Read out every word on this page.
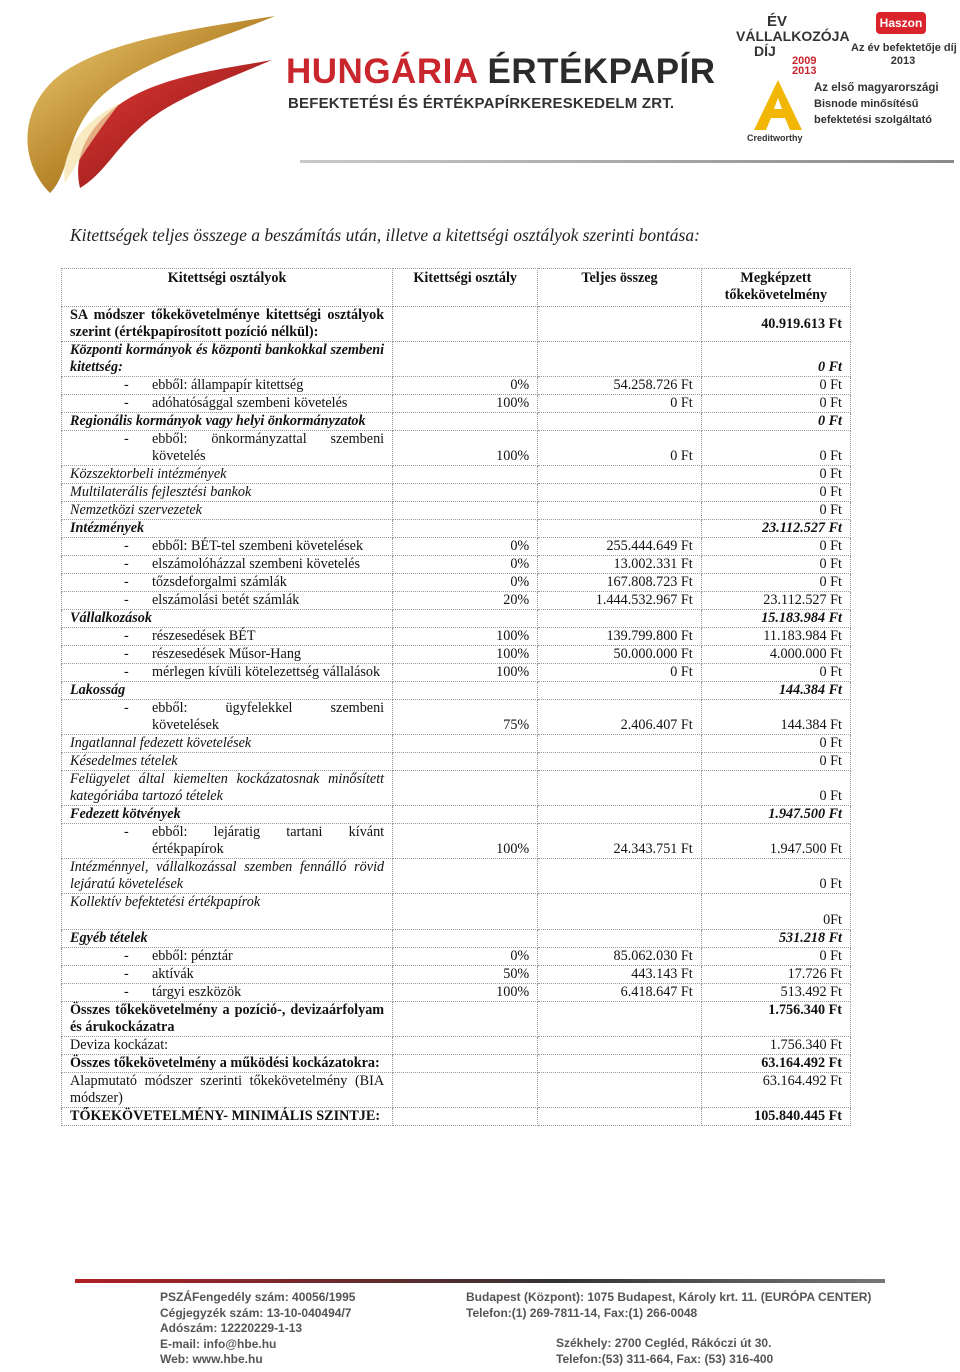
HUNGÁRIA ÉRTÉKPAPÍR
BEFEKTETÉSI ÉS ÉRTÉKPAPÍRKERESKEDELM ZRT.
ÉV
VÁLLALKOZÓJA
DÍJ
2009
2013
Haszon
Az év befektetője díj
2013
Creditworthy
Az első magyarországi
Bisnode minősítésű
befektetési szolgáltató
Kitettségek teljes összege a beszámítás után, illetve a kitettségi osztályok szerinti bontása:
Kitettségi osztályok	Kitettségi osztály	Teljes összeg	Megképzett tőkekövetelmény

SA módszer tőkekövetelménye kitettségi osztályok szerint (értékpapírosított pozíció nélkül):			40.919.613 Ft

Központi kormányok és központi bankokkal szembeni kitettség:			0 Ft

- ebből: állampapír kitettség	0%	54.258.726 Ft	0 Ft

- adóhatósággal szembeni követelés	100%	0 Ft	0 Ft

Regionális kormányok vagy helyi önkormányzatok			0 Ft

- ebből: önkormányzattal szembeni követelés	100%	0 Ft	0 Ft

Közszektorbeli intézmények			0 Ft

Multilaterális fejlesztési bankok			0 Ft

Nemzetközi szervezetek			0 Ft

Intézmények			23.112.527 Ft

- ebből: BÉT-tel szembeni követelések	0%	255.444.649 Ft	0 Ft

- elszámolóházzal szembeni követelés	0%	13.002.331 Ft	0 Ft

- tőzsdeforgalmi számlák	0%	167.808.723 Ft	0 Ft

- elszámolási betét számlák	20%	1.444.532.967 Ft	23.112.527 Ft

Vállalkozások			15.183.984 Ft

- részesedések BÉT	100%	139.799.800 Ft	11.183.984 Ft

- részesedések Műsor-Hang	100%	50.000.000 Ft	4.000.000 Ft

- mérlegen kívüli kötelezettség vállalások	100%	0 Ft	0 Ft

Lakosság			144.384 Ft

- ebből: ügyfelekkel szembeni követelések	75%	2.406.407 Ft	144.384 Ft

Ingatlannal fedezett követelések			0 Ft

Késedelmes tételek			0 Ft

Felügyelet által kiemelten kockázatosnak minősített kategóriába tartozó tételek			0 Ft

Fedezett kötvények			1.947.500 Ft

- ebből: lejáratig tartani kívánt értékpapírok	100%	24.343.751 Ft	1.947.500 Ft

Intézménnyel, vállalkozással szemben fennálló rövid lejáratú követelések			0 Ft

Kollektív befektetési értékpapírok			0Ft

Egyéb tételek			531.218 Ft

- ebből: pénztár	0%	85.062.030 Ft	0 Ft

- aktívák	50%	443.143 Ft	17.726 Ft

- tárgyi eszközök	100%	6.418.647 Ft	513.492 Ft

Összes tőkekövetelmény a pozíció-, devizaárfolyam és árukockázatra			1.756.340 Ft

Deviza kockázat:			1.756.340 Ft

Összes tőkekövetelmény a működési kockázatokra:			63.164.492 Ft

Alapmutató módszer szerinti tőkekövetelmény (BIA módszer)			63.164.492 Ft

TŐKEKÖVETELMÉNY- MINIMÁLIS SZINTJE:			105.840.445 Ft
PSZÁFengedély szám: 40056/1995
Cégjegyzék szám: 13-10-040494/7
Adószám: 12220229-1-13
E-mail: info@hbe.hu
Web: www.hbe.hu
Budapest (Központ): 1075 Budapest, Károly krt. 11. (EURÓPA CENTER)
Telefon:(1) 269-7811-14, Fax:(1) 266-0048
Székhely: 2700 Cegléd, Rákóczi út 30.
Telefon:(53) 311-664, Fax: (53) 316-400
